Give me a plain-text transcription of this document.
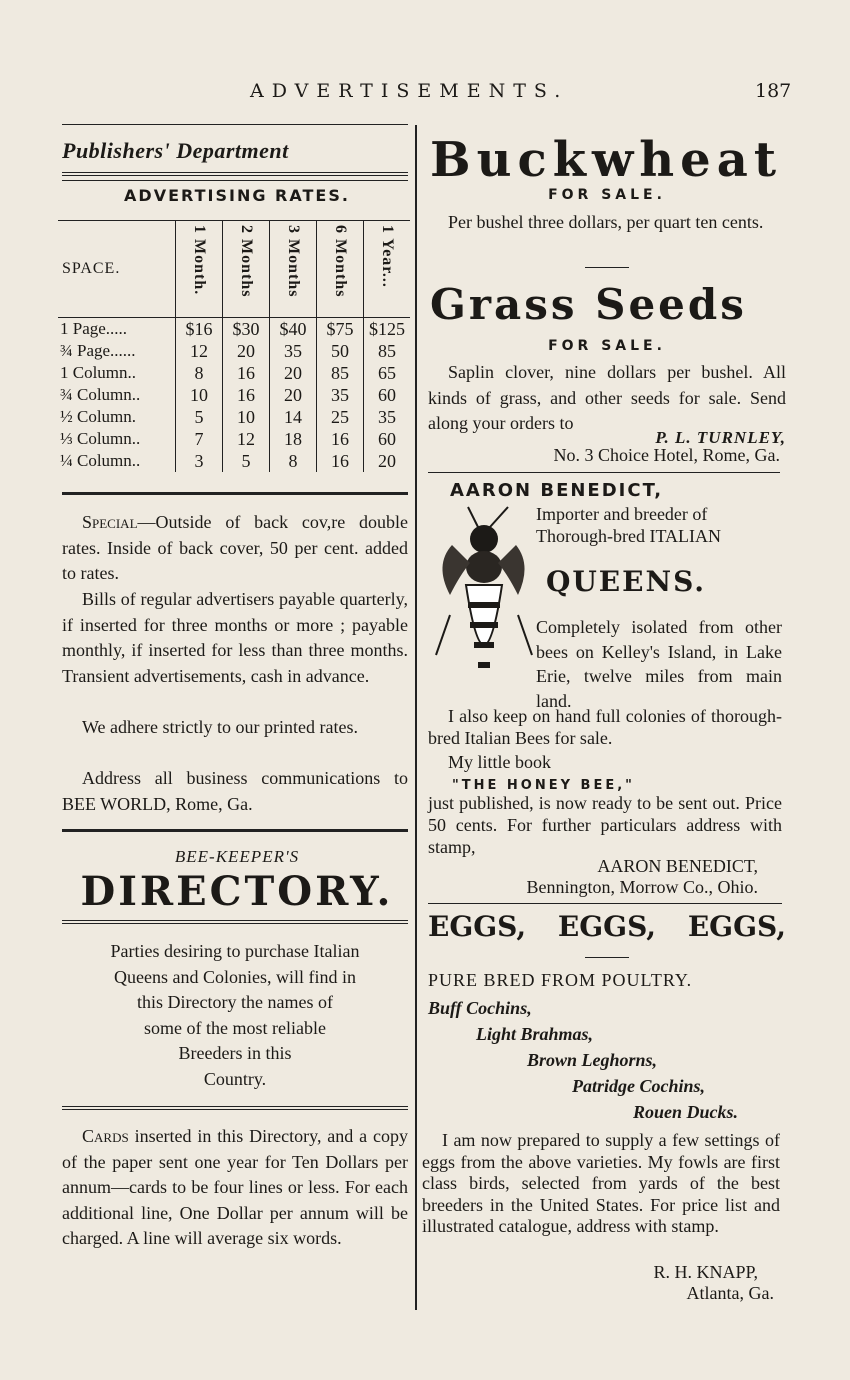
ADVERTISEMENTS.	187
Publishers' Department
ADVERTISING RATES.
SPACE.	1 Month.	2 Months	3 Months	6 Months	1 Year...

1 Page.....	$16	$30	$40	$75	$125
¾ Page......	12	20	35	50	85
1 Column..	8	16	20	85	65
¾ Column..	10	16	20	35	60
½ Column.	5	10	14	25	35
⅓ Column..	7	12	18	16	60
¼ Column..	3	5	8	16	20
Special—Outside of back cov,re double rates. Inside of back cover, 50 per cent. added to rates.
Bills of regular advertisers payable quarterly, if inserted for three months or more ; payable monthly, if inserted for less than three months. Transient advertisements, cash in advance.
We adhere strictly to our printed rates.
Address all business communications to BEE WORLD, Rome, Ga.
BEE-KEEPER'S
DIRECTORY.
Parties desiring to purchase Italian
Queens and Colonies, will find in
this Directory the names of
some of the most reliable
Breeders in this
Country.
Cards inserted in this Directory, and a copy of the paper sent one year for Ten Dollars per annum—cards to be four lines or less. For each additional line, One Dollar per annum will be charged. A line will average six words.
Buckwheat
FOR SALE.
Per bushel three dollars, per quart ten cents.
Grass Seeds
FOR SALE.
Saplin clover, nine dollars per bushel. All kinds of grass, and other seeds for sale. Send along your orders to
P. L. TURNLEY,
No. 3 Choice Hotel, Rome, Ga.
AARON BENEDICT,
Importer and breeder of Thorough-bred ITALIAN
QUEENS.
Completely isolated from other bees on Kelley's Island, in Lake Erie, twelve miles from main land.
I also keep on hand full colonies of thorough-bred Italian Bees for sale.
My little book
"THE HONEY BEE,"
just published, is now ready to be sent out. Price 50 cents. For further particulars address with stamp,
AARON BENEDICT,
Bennington, Morrow Co., Ohio.
EGGS, EGGS, EGGS,
PURE BRED FROM POULTRY.
Buff Cochins,
Light Brahmas,
Brown Leghorns,
Patridge Cochins,
Rouen Ducks.
I am now prepared to supply a few settings of eggs from the above varieties. My fowls are first class birds, selected from yards of the best breeders in the United States. For price list and illustrated catalogue, address with stamp.
R. H. KNAPP,
Atlanta, Ga.
